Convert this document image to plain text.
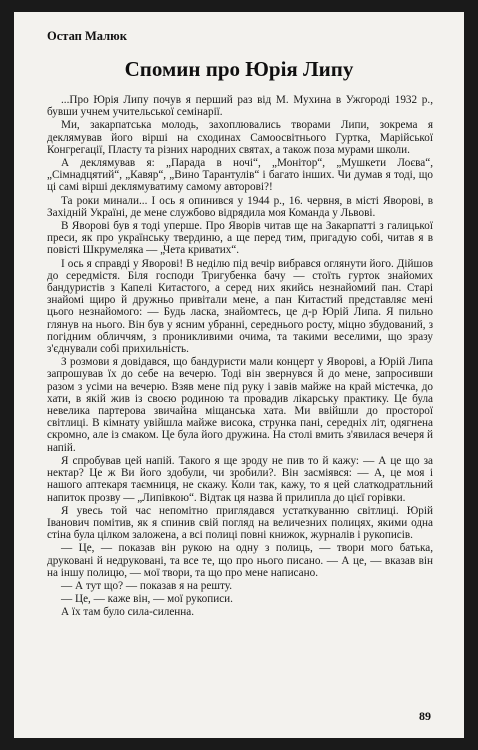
Остап Малюк
Спомин про Юрія Липу

...Про Юрія Липу почув я перший раз від М. Мухина в Ужгороді 1932 р., бувши учнем учительської семінарії.

Ми, закарпатська молодь, захоплювались творами Липи, зокрема я деклямував його вірші на сходинах Самоосвітнього Гуртка, Марійської Конгрегації, Пласту та різних народних святах, а також поза мурами школи.

А деклямував я: „Парада в ночі“, „Монітор“, „Мушкети Лоєва“, „Сімнадцятий“, „Кавяр“, „Вино Тарантулів“ і багато інших. Чи думав я тоді, що ці самі вірші деклямуватиму самому авторові?!

Та роки минали... І ось я опинився у 1944 р., 16. червня, в місті Яворові, в Західній Україні, де мене службово відрядила моя Команда у Львові.

В Яворові був я тоді уперше. Про Яворів читав ще на Закарпатті з галицької преси, як про українську твердиню, а ще перед тим, пригадую собі, читав я в повісті Шкрумеляка — „Чета криватих“.

І ось я справді у Яворові! В неділю під вечір вибрався оглянути його. Дійшов до середмістя. Біля господи Тригубенка бачу — стоїть гурток знайомих бандуристів з Капелі Китастого, а серед них якийсь незнайомий пан. Старі знайомі щиро й дружньо привітали мене, а пан Китастий представляє мені цього незнайомого: — Будь ласка, знайомтесь, це д-р Юрій Липа. Я пильно глянув на нього. Він був у ясним убранні, середнього росту, міцно збудований, з погідним обличчям, з проникливими очима, та такими веселими, що зразу з'єднували собі прихильність.

З розмови я довідався, що бандуристи мали концерт у Яворові, а Юрій Липа запрошував їх до себе на вечерю. Тоді він звернувся й до мене, запросивши разом з усіми на вечерю. Взяв мене під руку і завів майже на край містечка, до хати, в якій жив із своєю родиною та провадив лікарську практику. Це була невелика партерова звичайна міщанська хата. Ми ввійшли до просторої світлиці. В кімнату увійшла майже висока, струнка пані, середніх літ, одягнена скромно, але із смаком. Це була його дружина. На столі вмить з'явилася вечеря й напій.

Я спробував цей напій. Такого я ще зроду не пив то й кажу: — А це що за нектар? Це ж Ви його здобули, чи зробили?. Він засміявся: — А, це моя і нашого аптекаря таємниця, не скажу. Коли так, кажу, то я цей слаткодратльний напиток прозву — „Липівкою“. Відтак ця назва й прилипла до цієї горівки.

Я увесь той час непомітно приглядався устаткуванню світлиці. Юрій Іванович помітив, як я спинив свій погляд на величезних полицях, якими одна стіна була цілком заложена, а всі полиці повні книжок, журналів і рукописів.

— Це, — показав він рукою на одну з полиць, — твори мого батька, друковані й недруковані, та все те, що про нього писано. — А це, — вказав він на іншу полицю, — мої твори, та що про мене написано.

— А тут що? — показав я на решту.

— Це, — каже він, — мої рукописи.

А їх там було сила-силенна.

89
